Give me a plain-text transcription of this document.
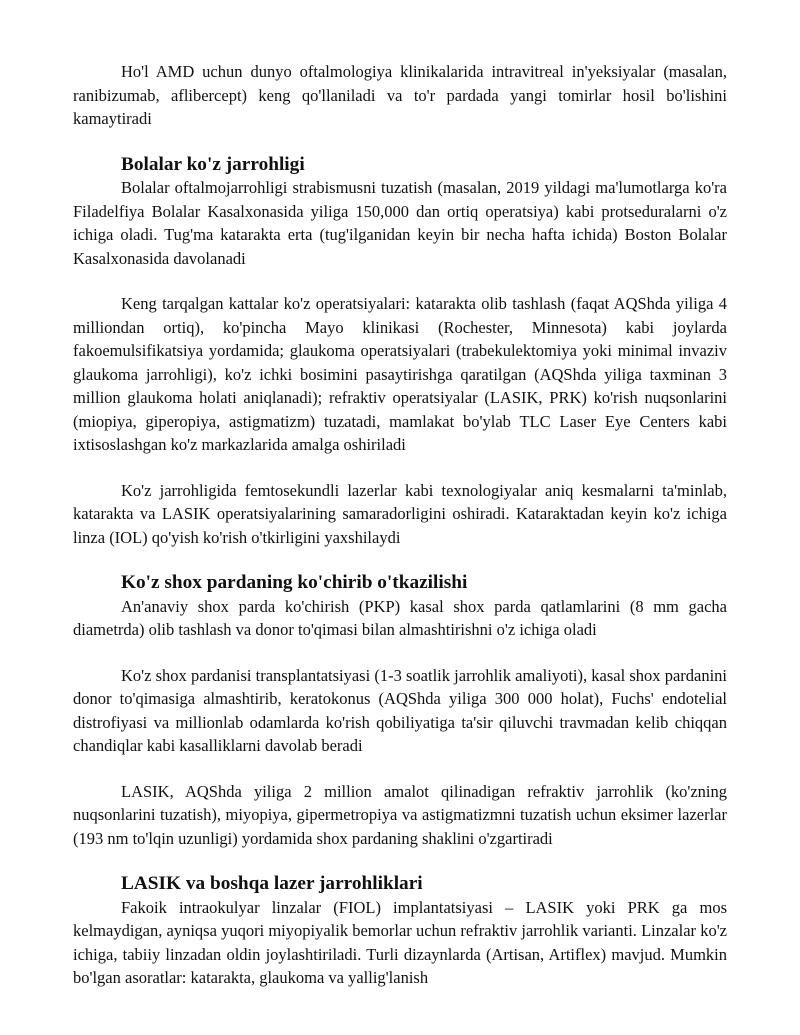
Ho'l AMD uchun dunyo oftalmologiya klinikalarida intravitreal in'yeksiyalar (masalan, ranibizumab, aflibercept) keng qo'llaniladi va to'r pardada yangi tomirlar hosil bo'lishini kamaytiradi

Bolalar ko'z jarrohligi

Bolalar oftalmojarrohligi strabismusni tuzatish (masalan, 2019 yildagi ma'lumotlarga ko'ra Filadelfiya Bolalar Kasalxonasida yiliga 150,000 dan ortiq operatsiya) kabi protseduralarni o'z ichiga oladi. Tug'ma katarakta erta (tug'ilganidan keyin bir necha hafta ichida) Boston Bolalar Kasalxonasida davolanadi

Keng tarqalgan kattalar ko'z operatsiyalari: katarakta olib tashlash (faqat AQShda yiliga 4 milliondan ortiq), ko'pincha Mayo klinikasi (Rochester, Minnesota) kabi joylarda fakoemulsifikatsiya yordamida; glaukoma operatsiyalari (trabekulektomiya yoki minimal invaziv glaukoma jarrohligi), ko'z ichki bosimini pasaytirishga qaratilgan (AQShda yiliga taxminan 3 million glaukoma holati aniqlanadi); refraktiv operatsiyalar (LASIK, PRK) ko'rish nuqsonlarini (miopiya, giperopiya, astigmatizm) tuzatadi, mamlakat bo'ylab TLC Laser Eye Centers kabi ixtisoslashgan ko'z markazlarida amalga oshiriladi

Ko'z jarrohligida femtosekundli lazerlar kabi texnologiyalar aniq kesmalarni ta'minlab, katarakta va LASIK operatsiyalarining samaradorligini oshiradi. Kataraktadan keyin ko'z ichiga linza (IOL) qo'yish ko'rish o'tkirligini yaxshilaydi

Ko'z shox pardaning ko'chirib o'tkazilishi

An'anaviy shox parda ko'chirish (PKP) kasal shox parda qatlamlarini (8 mm gacha diametrda) olib tashlash va donor to'qimasi bilan almashtirishni o'z ichiga oladi

Ko'z shox pardanisi transplantatsiyasi (1-3 soatlik jarrohlik amaliyoti), kasal shox pardanini donor to'qimasiga almashtirib, keratokonus (AQShda yiliga 300 000 holat), Fuchs' endotelial distrofiyasi va millionlab odamlarda ko'rish qobiliyatiga ta'sir qiluvchi travmadan kelib chiqqan chandiqlar kabi kasalliklarni davolab beradi

LASIK, AQShda yiliga 2 million amalot qilinadigan refraktiv jarrohlik (ko'zning nuqsonlarini tuzatish), miyopiya, gipermetropiya va astigmatizmni tuzatish uchun eksimer lazerlar (193 nm to'lqin uzunligi) yordamida shox pardaning shaklini o'zgartiradi

LASIK va boshqa lazer jarrohliklari

Fakoik intraokulyar linzalar (FIOL) implantatsiyasi – LASIK yoki PRK ga mos kelmaydigan, ayniqsa yuqori miyopiyalik bemorlar uchun refraktiv jarrohlik varianti. Linzalar ko'z ichiga, tabiiy linzadan oldin joylashtiriladi. Turli dizaynlarda (Artisan, Artiflex) mavjud. Mumkin bo'lgan asoratlar: katarakta, glaukoma va yallig'lanish
